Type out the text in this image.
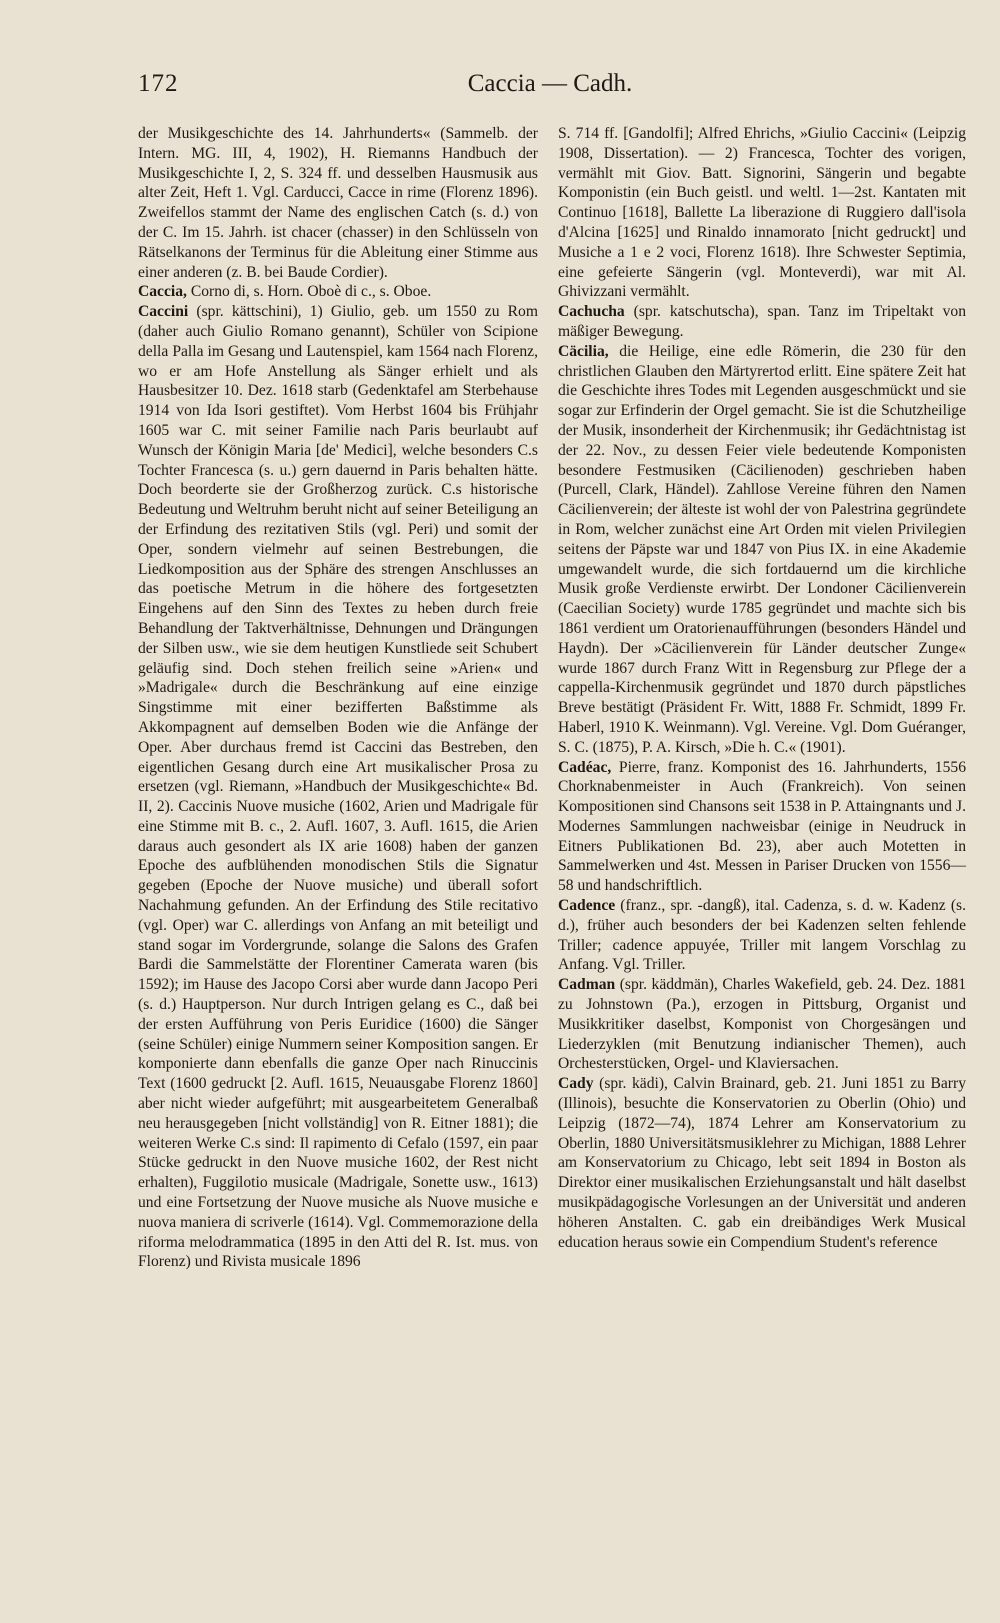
172	Caccia — Cadh.

der Musikgeschichte des 14. Jahrhunderts« (Sammelb. der Intern. MG. III, 4, 1902), H. Riemanns Handbuch der Musikgeschichte I, 2, S. 324 ff. und desselben Hausmusik aus alter Zeit, Heft 1. Vgl. Carducci, Cacce in rime (Florenz 1896). Zweifellos stammt der Name des englischen Catch (s. d.) von der C. Im 15. Jahrh. ist chacer (chasser) in den Schlüsseln von Rätselkanons der Terminus für die Ableitung einer Stimme aus einer anderen (z. B. bei Baude Cordier).

Caccia, Corno di, s. Horn. Oboè di c., s. Oboe.

Caccini (spr. kättschini), 1) Giulio, geb. um 1550 zu Rom (daher auch Giulio Romano genannt), Schüler von Scipione della Palla im Gesang und Lautenspiel, kam 1564 nach Florenz, wo er am Hofe Anstellung als Sänger erhielt und als Hausbesitzer 10. Dez. 1618 starb (Gedenktafel am Sterbehause 1914 von Ida Isori gestiftet). Vom Herbst 1604 bis Frühjahr 1605 war C. mit seiner Familie nach Paris beurlaubt auf Wunsch der Königin Maria [de' Medici], welche besonders C.s Tochter Francesca (s. u.) gern dauernd in Paris behalten hätte. Doch beorderte sie der Großherzog zurück. C.s historische Bedeutung und Weltruhm beruht nicht auf seiner Beteiligung an der Erfindung des rezitativen Stils (vgl. Peri) und somit der Oper, sondern vielmehr auf seinen Bestrebungen, die Liedkomposition aus der Sphäre des strengen Anschlusses an das poetische Metrum in die höhere des fortgesetzten Eingehens auf den Sinn des Textes zu heben durch freie Behandlung der Taktverhältnisse, Dehnungen und Drängungen der Silben usw., wie sie dem heutigen Kunstliede seit Schubert geläufig sind. Doch stehen freilich seine »Arien« und »Madrigale« durch die Beschränkung auf eine einzige Singstimme mit einer bezifferten Baßstimme als Akkompagnent auf demselben Boden wie die Anfänge der Oper. Aber durchaus fremd ist Caccini das Bestreben, den eigentlichen Gesang durch eine Art musikalischer Prosa zu ersetzen (vgl. Riemann, »Handbuch der Musikgeschichte« Bd. II, 2). Caccinis Nuove musiche (1602, Arien und Madrigale für eine Stimme mit B. c., 2. Aufl. 1607, 3. Aufl. 1615, die Arien daraus auch gesondert als IX arie 1608) haben der ganzen Epoche des aufblühenden monodischen Stils die Signatur gegeben (Epoche der Nuove musiche) und überall sofort Nachahmung gefunden. An der Erfindung des Stile recitativo (vgl. Oper) war C. allerdings von Anfang an mit beteiligt und stand sogar im Vordergrunde, solange die Salons des Grafen Bardi die Sammelstätte der Florentiner Camerata waren (bis 1592); im Hause des Jacopo Corsi aber wurde dann Jacopo Peri (s. d.) Hauptperson. Nur durch Intrigen gelang es C., daß bei der ersten Aufführung von Peris Euridice (1600) die Sänger (seine Schüler) einige Nummern seiner Komposition sangen. Er komponierte dann ebenfalls die ganze Oper nach Rinuccinis Text (1600 gedruckt [2. Aufl. 1615, Neuausgabe Florenz 1860] aber nicht wieder aufgeführt; mit ausgearbeitetem Generalbaß neu herausgegeben [nicht vollständig] von R. Eitner 1881); die weiteren Werke C.s sind: Il rapimento di Cefalo (1597, ein paar Stücke gedruckt in den Nuove musiche 1602, der Rest nicht erhalten), Fuggilotio musicale (Madrigale, Sonette usw., 1613) und eine Fortsetzung der Nuove musiche als Nuove musiche e nuova maniera di scriverle (1614). Vgl. Commemorazione della riforma melodrammatica (1895 in den Atti del R. Ist. mus. von Florenz) und Rivista musicale 1896

S. 714 ff. [Gandolfi]; Alfred Ehrichs, »Giulio Caccini« (Leipzig 1908, Dissertation). — 2) Francesca, Tochter des vorigen, vermählt mit Giov. Batt. Signorini, Sängerin und begabte Komponistin (ein Buch geistl. und weltl. 1—2st. Kantaten mit Continuo [1618], Ballette La liberazione di Ruggiero dall'isola d'Alcina [1625] und Rinaldo innamorato [nicht gedruckt] und Musiche a 1 e 2 voci, Florenz 1618). Ihre Schwester Septimia, eine gefeierte Sängerin (vgl. Monteverdi), war mit Al. Ghivizzani vermählt.

Cachucha (spr. katschutscha), span. Tanz im Tripeltakt von mäßiger Bewegung.

Cäcilia, die Heilige, eine edle Römerin, die 230 für den christlichen Glauben den Märtyrertod erlitt. Eine spätere Zeit hat die Geschichte ihres Todes mit Legenden ausgeschmückt und sie sogar zur Erfinderin der Orgel gemacht. Sie ist die Schutzheilige der Musik, insonderheit der Kirchenmusik; ihr Gedächtnistag ist der 22. Nov., zu dessen Feier viele bedeutende Komponisten besondere Festmusiken (Cäcilienoden) geschrieben haben (Purcell, Clark, Händel). Zahllose Vereine führen den Namen Cäcilienverein; der älteste ist wohl der von Palestrina gegründete in Rom, welcher zunächst eine Art Orden mit vielen Privilegien seitens der Päpste war und 1847 von Pius IX. in eine Akademie umgewandelt wurde, die sich fortdauernd um die kirchliche Musik große Verdienste erwirbt. Der Londoner Cäcilienverein (Caecilian Society) wurde 1785 gegründet und machte sich bis 1861 verdient um Oratorienaufführungen (besonders Händel und Haydn). Der »Cäcilienverein für Länder deutscher Zunge« wurde 1867 durch Franz Witt in Regensburg zur Pflege der a cappella-Kirchenmusik gegründet und 1870 durch päpstliches Breve bestätigt (Präsident Fr. Witt, 1888 Fr. Schmidt, 1899 Fr. Haberl, 1910 K. Weinmann). Vgl. Vereine. Vgl. Dom Guéranger, S. C. (1875), P. A. Kirsch, »Die h. C.« (1901).

Cadéac, Pierre, franz. Komponist des 16. Jahrhunderts, 1556 Chorknabenmeister in Auch (Frankreich). Von seinen Kompositionen sind Chansons seit 1538 in P. Attaingnants und J. Modernes Sammlungen nachweisbar (einige in Neudruck in Eitners Publikationen Bd. 23), aber auch Motetten in Sammelwerken und 4st. Messen in Pariser Drucken von 1556—58 und handschriftlich.

Cadence (franz., spr. -dangß), ital. Cadenza, s. d. w. Kadenz (s. d.), früher auch besonders der bei Kadenzen selten fehlende Triller; cadence appuyée, Triller mit langem Vorschlag zu Anfang. Vgl. Triller.

Cadman (spr. käddmän), Charles Wakefield, geb. 24. Dez. 1881 zu Johnstown (Pa.), erzogen in Pittsburg, Organist und Musikkritiker daselbst, Komponist von Chorgesängen und Liederzyklen (mit Benutzung indianischer Themen), auch Orchesterstücken, Orgel- und Klaviersachen.

Cady (spr. kädi), Calvin Brainard, geb. 21. Juni 1851 zu Barry (Illinois), besuchte die Konservatorien zu Oberlin (Ohio) und Leipzig (1872—74), 1874 Lehrer am Konservatorium zu Oberlin, 1880 Universitätsmusiklehrer zu Michigan, 1888 Lehrer am Konservatorium zu Chicago, lebt seit 1894 in Boston als Direktor einer musikalischen Erziehungsanstalt und hält daselbst musikpädagogische Vorlesungen an der Universität und anderen höheren Anstalten. C. gab ein dreibändiges Werk Musical education heraus sowie ein Compendium Student's reference
